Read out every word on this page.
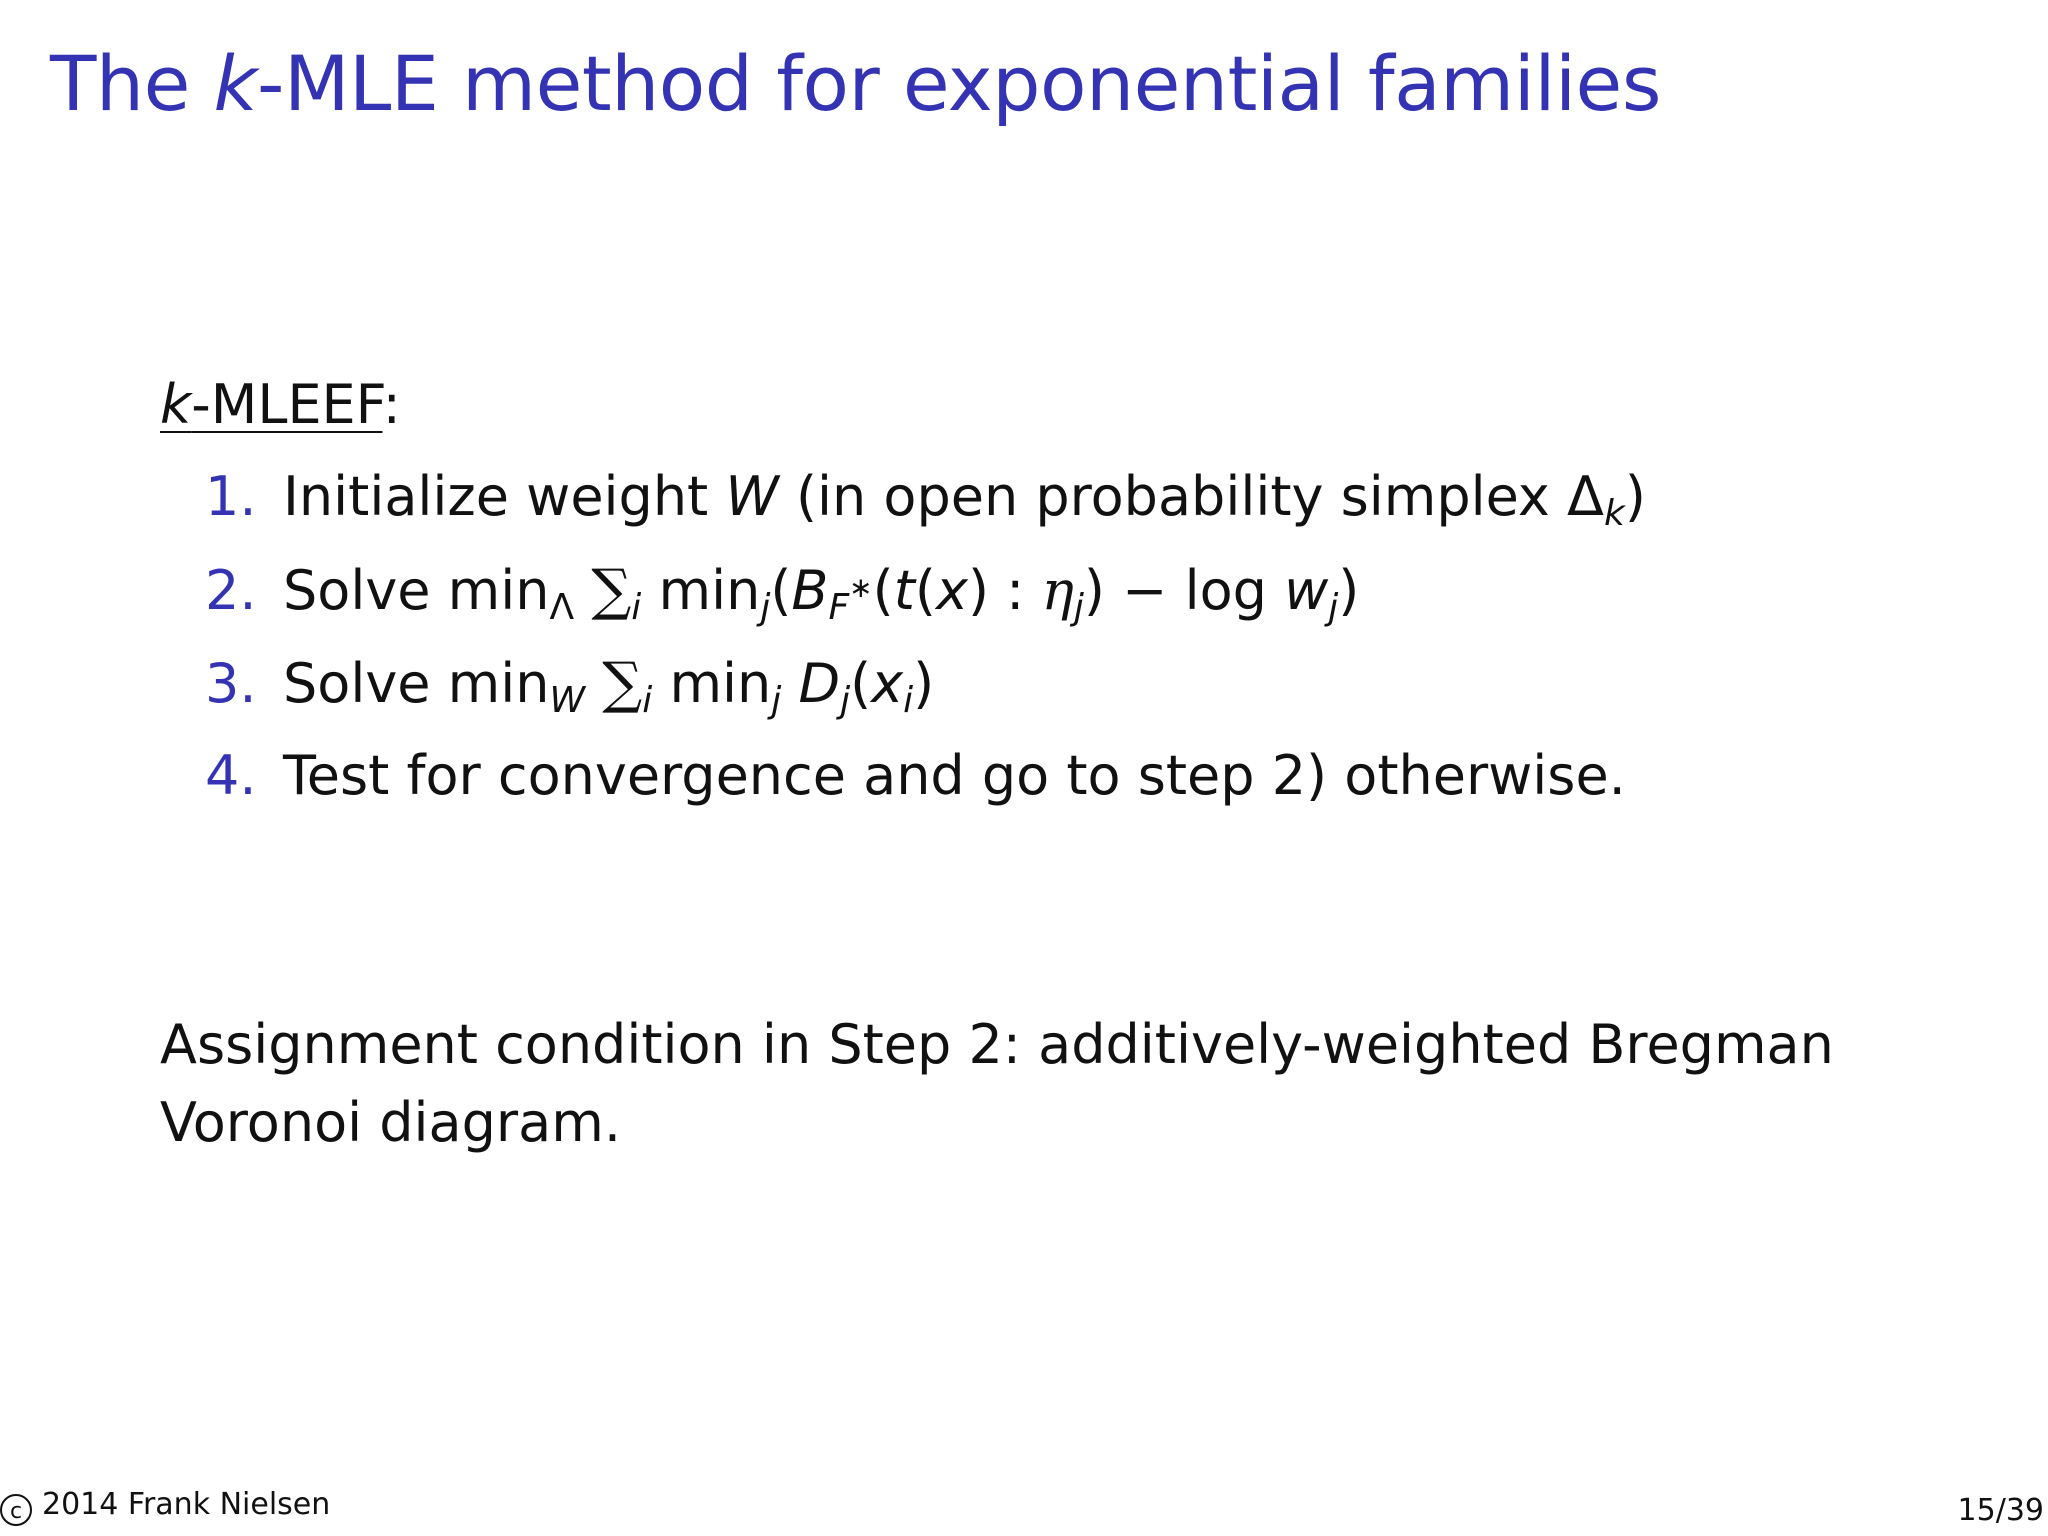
The k-MLE method for exponential families
k-MLEEF:
1. Initialize weight W (in open probability simplex $\Delta_k$)
2. Solve $\min_\Lambda \sum_i$ $\min_j(B_{F^∗}(t(x)$ : $\eta_j) - \log w_j$)
3. Solve $\min_W \sum_i$ $\min_j D_j(x_i)$
4. Test for convergence and go to step 2) otherwise.
Assignment condition in Step 2: additively-weighted Bregman Voronoi diagram.
c 2014 Frank Nielsen	15/39
